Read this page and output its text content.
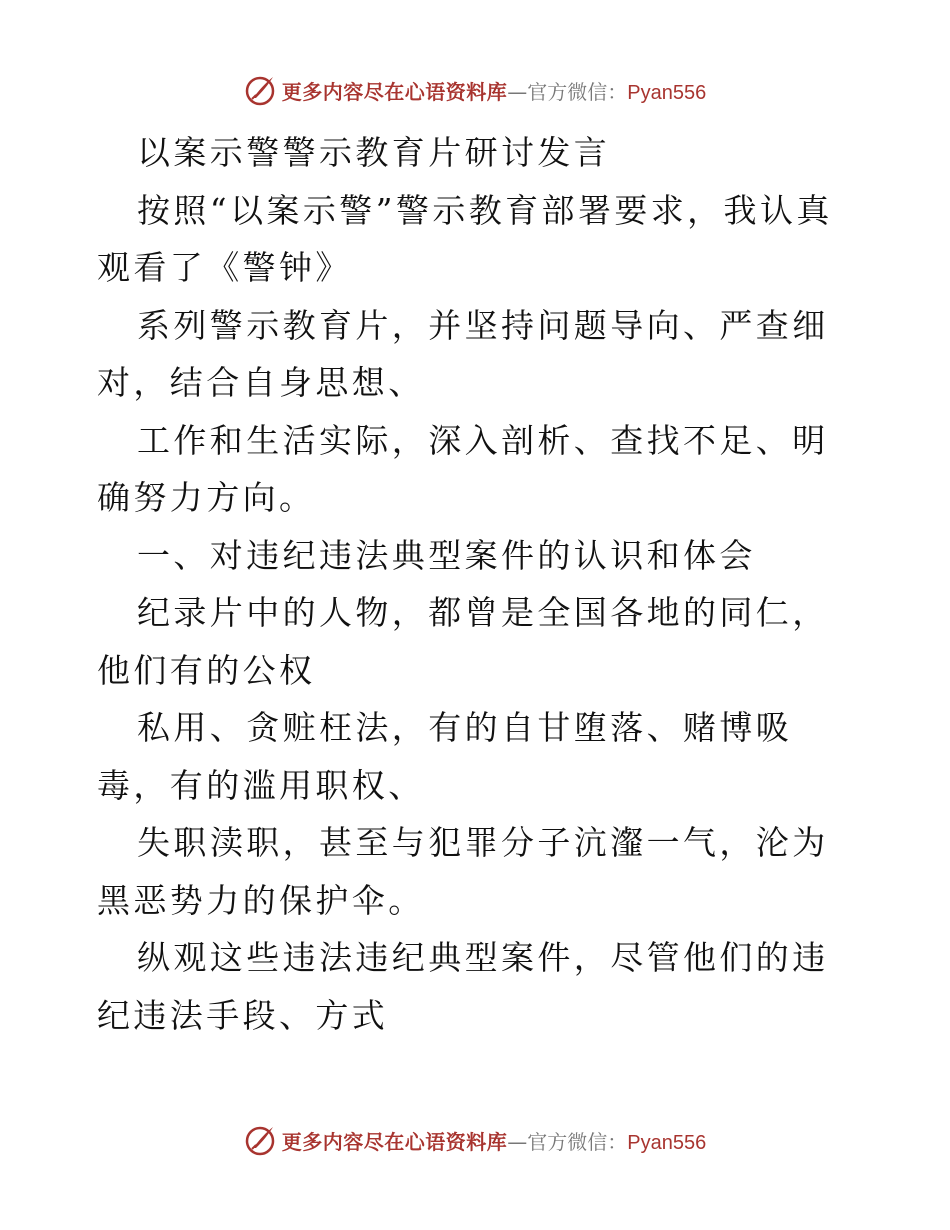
更多内容尽在心语资料库 — 官方微信： Pyan556

以案示警警示教育片研讨发言

按照“以案示警”警示教育部署要求，我认真观看了《警钟》

系列警示教育片，并坚持问题导向、严查细对，结合自身思想、

工作和生活实际，深入剖析、查找不足、明确努力方向。

一、对违纪违法典型案件的认识和体会

纪录片中的人物，都曾是全国各地的同仁，他们有的公权

私用、贪赃枉法，有的自甘堕落、赌博吸毒，有的滥用职权、

失职渎职，甚至与犯罪分子沆瀣一气，沦为黑恶势力的保护伞。

纵观这些违法违纪典型案件，尽管他们的违纪违法手段、方式

更多内容尽在心语资料库 — 官方微信： Pyan556
